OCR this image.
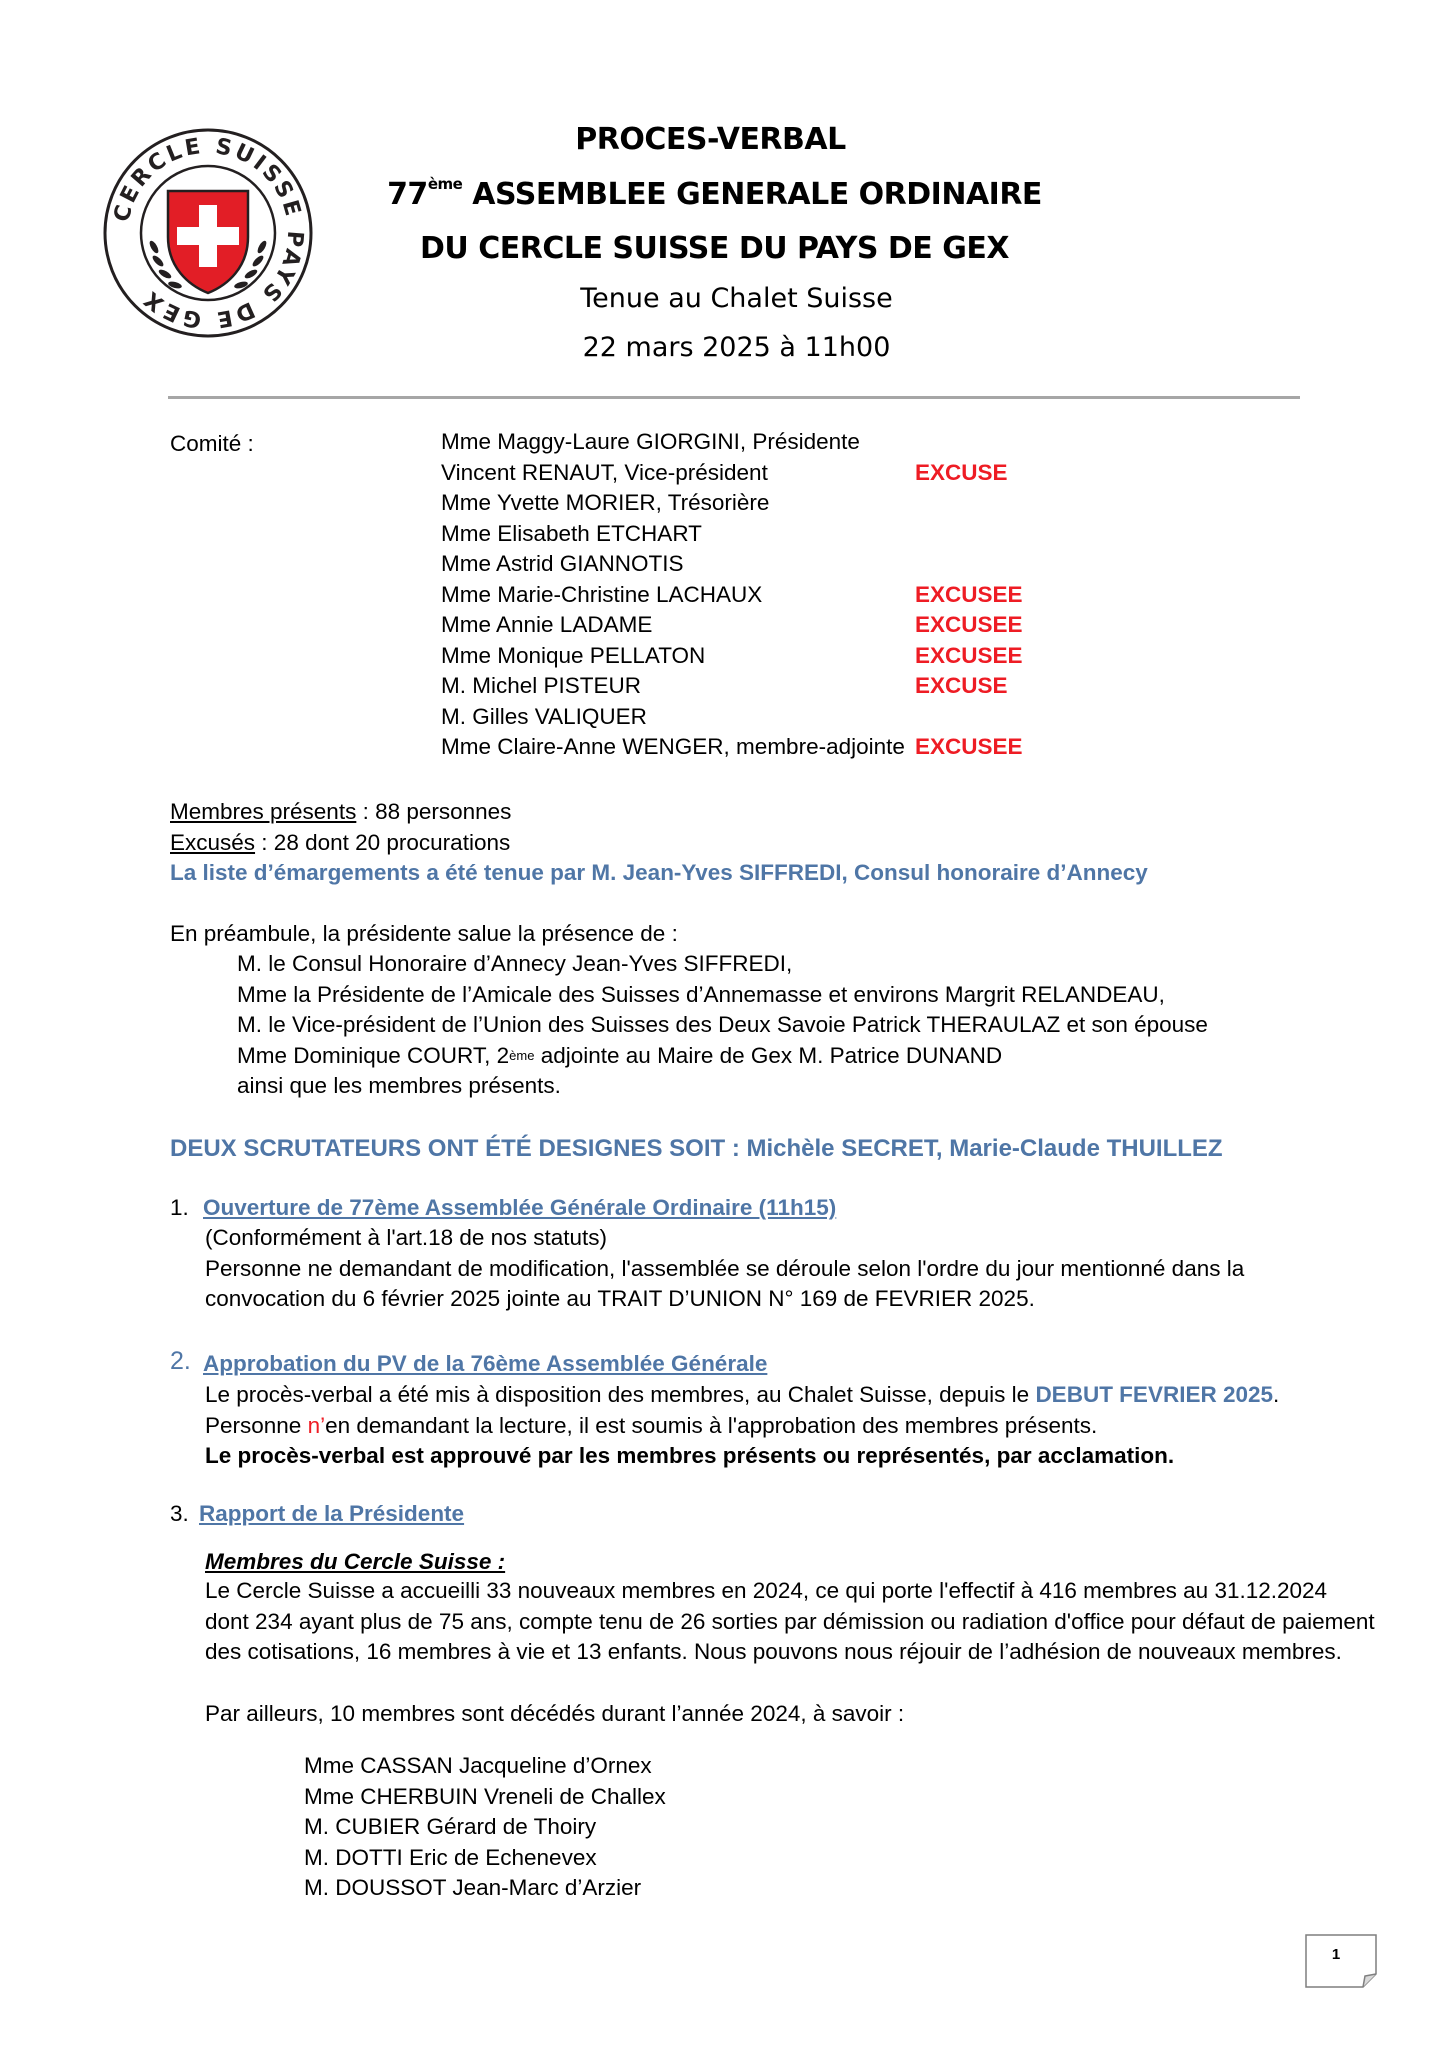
CERCLE SUISSE PAYS DE GEX
PROCES-VERBAL
77ème ASSEMBLEE GENERALE ORDINAIRE
DU CERCLE SUISSE DU PAYS DE GEX
Tenue au Chalet Suisse
22 mars 2025 à 11h00
Comité :	Mme Maggy-Laure GIORGINI, Présidente
Vincent RENAUT, Vice-président	EXCUSE
Mme Yvette MORIER, Trésorière
Mme Elisabeth ETCHART
Mme Astrid GIANNOTIS
Mme Marie-Christine LACHAUX	EXCUSEE
Mme Annie LADAME	EXCUSEE
Mme Monique PELLATON	EXCUSEE
M. Michel PISTEUR	EXCUSE
M. Gilles VALIQUER
Mme Claire-Anne WENGER, membre-adjointe EXCUSEE
Membres présents : 88 personnes
Excusés : 28 dont 20 procurations
La liste d’émargements a été tenue par M. Jean-Yves SIFFREDI, Consul honoraire d’Annecy
En préambule, la présidente salue la présence de :
M. le Consul Honoraire d’Annecy Jean-Yves SIFFREDI,
Mme la Présidente de l’Amicale des Suisses d’Annemasse et environs Margrit RELANDEAU,
M. le Vice-président de l’Union des Suisses des Deux Savoie Patrick THERAULAZ et son épouse
Mme Dominique COURT, 2ème adjointe au Maire de Gex M. Patrice DUNAND
ainsi que les membres présents.
DEUX SCRUTATEURS ONT ÉTÉ DESIGNES SOIT : Michèle SECRET, Marie-Claude THUILLEZ
1. Ouverture de 77ème Assemblée Générale Ordinaire (11h15)
(Conformément à l'art.18 de nos statuts)
Personne ne demandant de modification, l'assemblée se déroule selon l'ordre du jour mentionné dans la
convocation du 6 février 2025 jointe au TRAIT D’UNION N° 169 de FEVRIER 2025.
2. Approbation du PV de la 76ème Assemblée Générale
Le procès-verbal a été mis à disposition des membres, au Chalet Suisse, depuis le DEBUT FEVRIER 2025.
Personne n’en demandant la lecture, il est soumis à l'approbation des membres présents.
Le procès-verbal est approuvé par les membres présents ou représentés, par acclamation.
3. Rapport de la Présidente
Membres du Cercle Suisse :
Le Cercle Suisse a accueilli 33 nouveaux membres en 2024, ce qui porte l'effectif à 416 membres au 31.12.2024
dont 234 ayant plus de 75 ans, compte tenu de 26 sorties par démission ou radiation d'office pour défaut de paiement
des cotisations, 16 membres à vie et 13 enfants. Nous pouvons nous réjouir de l’adhésion de nouveaux membres.
Par ailleurs, 10 membres sont décédés durant l’année 2024, à savoir :
Mme CASSAN Jacqueline d’Ornex
Mme CHERBUIN Vreneli de Challex
M. CUBIER Gérard de Thoiry
M. DOTTI Eric de Echenevex
M. DOUSSOT Jean-Marc d’Arzier
1
